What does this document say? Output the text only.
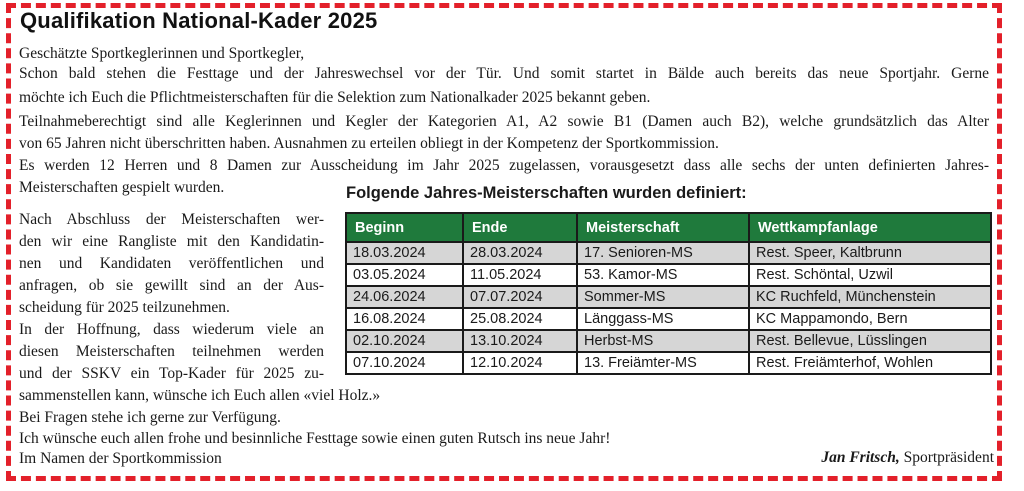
Qualifikation National-Kader 2025
Geschätzte Sportkeglerinnen und Sportkegler,
Schon bald stehen die Festtage und der Jahreswechsel vor der Tür. Und somit startet in Bälde auch bereits das neue Sportjahr. Gerne
möchte ich Euch die Pflichtmeisterschaften für die Selektion zum Nationalkader 2025 bekannt geben.
Teilnahmeberechtigt sind alle Keglerinnen und Kegler der Kategorien A1, A2 sowie B1 (Damen auch B2), welche grundsätzlich das Alter
von 65 Jahren nicht überschritten haben. Ausnahmen zu erteilen obliegt in der Kompetenz der Sportkommission.
Es werden 12 Herren und 8 Damen zur Ausscheidung im Jahr 2025 zugelassen, vorausgesetzt dass alle sechs der unten definierten Jahres-
Meisterschaften gespielt wurden.
Nach Abschluss der Meisterschaften wer-
den wir eine Rangliste mit den Kandidatin-
nen und Kandidaten veröffentlichen und
anfragen, ob sie gewillt sind an der Aus-
scheidung für 2025 teilzunehmen.
In der Hoffnung, dass wiederum viele an
diesen Meisterschaften teilnehmen werden
und der SSKV ein Top-Kader für 2025 zu-
sammenstellen kann, wünsche ich Euch allen «viel Holz.»
Bei Fragen stehe ich gerne zur Verfügung.
Ich wünsche euch allen frohe und besinnliche Festtage sowie einen guten Rutsch ins neue Jahr!
Im Namen der Sportkommission	Jan Fritsch, Sportpräsident
Folgende Jahres-Meisterschaften wurden definiert:
Beginn	Ende	Meisterschaft	Wettkampfanlage
18.03.2024	28.03.2024	17. Senioren-MS	Rest. Speer, Kaltbrunn
03.05.2024	11.05.2024	53. Kamor-MS	Rest. Schöntal, Uzwil
24.06.2024	07.07.2024	Sommer-MS	KC Ruchfeld, Münchenstein
16.08.2024	25.08.2024	Länggass-MS	KC Mappamondo, Bern
02.10.2024	13.10.2024	Herbst-MS	Rest. Bellevue, Lüsslingen
07.10.2024	12.10.2024	13. Freiämter-MS	Rest. Freiämterhof, Wohlen
